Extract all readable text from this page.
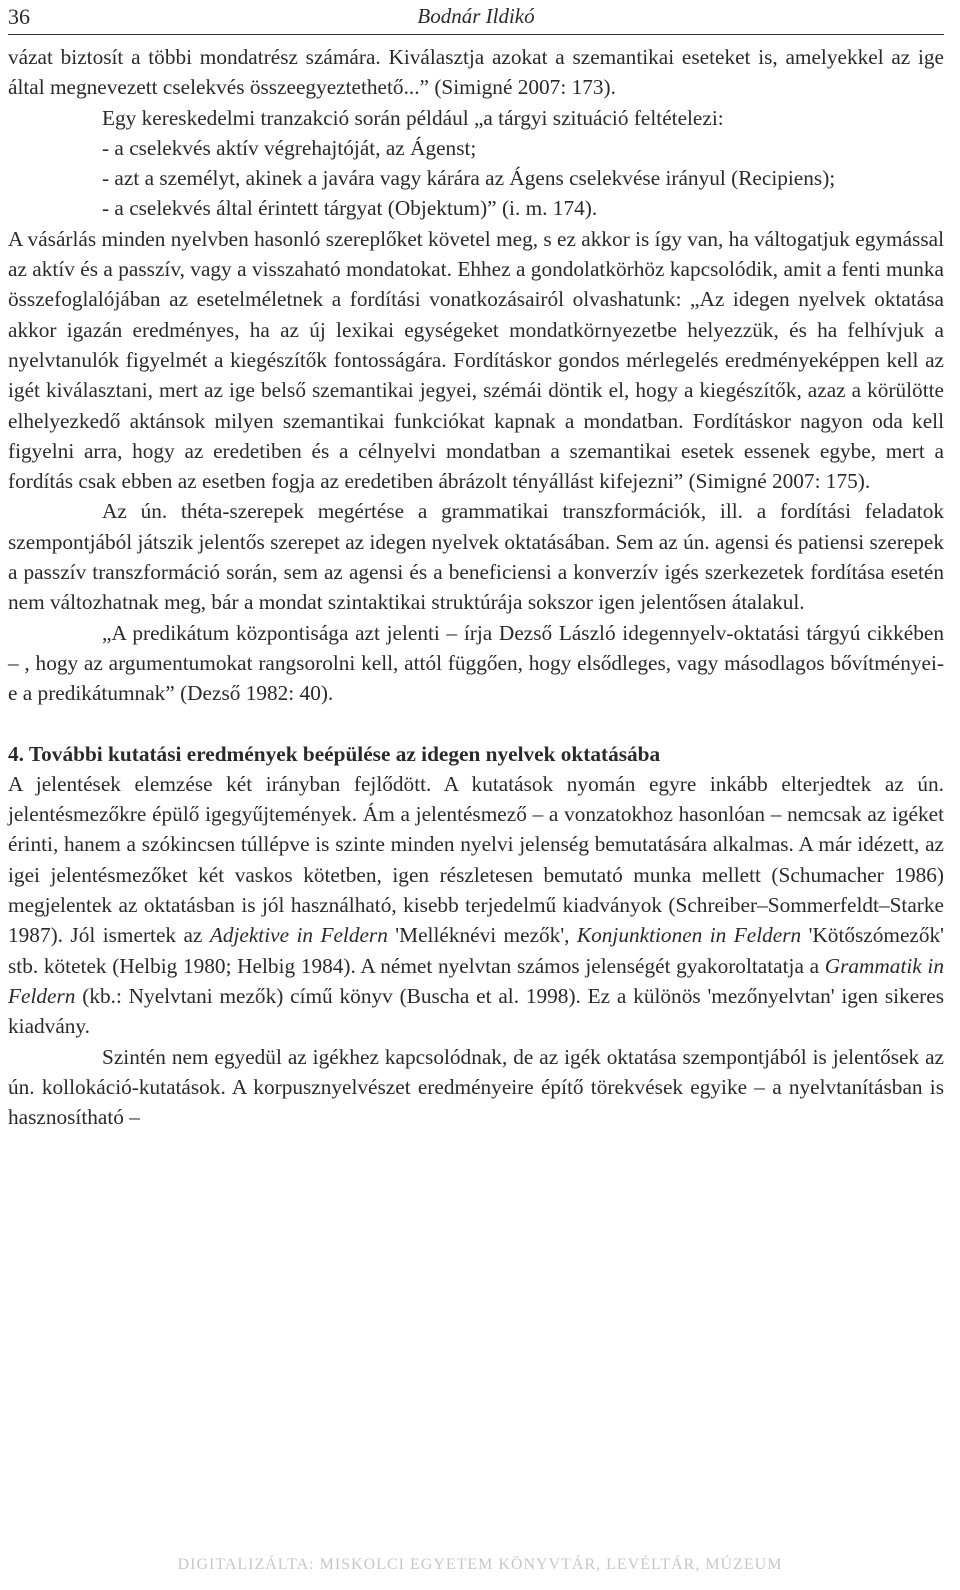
36	Bodnár Ildikó

vázat biztosít a többi mondatrész számára. Kiválasztja azokat a szemantikai eseteket is, amelyekkel az ige által megnevezett cselekvés összeegyeztethető...” (Simigné 2007: 173).

Egy kereskedelmi tranzakció során például „a tárgyi szituáció feltételezi:

- a cselekvés aktív végrehajtóját, az Ágenst;

- azt a személyt, akinek a javára vagy kárára az Ágens cselekvése irányul (Recipiens);

- a cselekvés által érintett tárgyat (Objektum)” (i. m. 174).

A vásárlás minden nyelvben hasonló szereplőket követel meg, s ez akkor is így van, ha váltogatjuk egymással az aktív és a passzív, vagy a visszaható mondatokat. Ehhez a gondolatkörhöz kapcsolódik, amit a fenti munka összefoglalójában az esetelméletnek a fordítási vonatkozásairól olvashatunk: „Az idegen nyelvek oktatása akkor igazán eredményes, ha az új lexikai egységeket mondatkörnyezetbe helyezzük, és ha felhívjuk a nyelvtanulók figyelmét a kiegészítők fontosságára. Fordításkor gondos mérlegelés eredményeképpen kell az igét kiválasztani, mert az ige belső szemantikai jegyei, szémái döntik el, hogy a kiegészítők, azaz a körülötte elhelyezkedő aktánsok milyen szemantikai funkciókat kapnak a mondatban. Fordításkor nagyon oda kell figyelni arra, hogy az eredetiben és a célnyelvi mondatban a szemantikai esetek essenek egybe, mert a fordítás csak ebben az esetben fogja az eredetiben ábrázolt tényállást kifejezni” (Simigné 2007: 175).

Az ún. théta-szerepek megértése a grammatikai transzformációk, ill. a fordítási feladatok szempontjából játszik jelentős szerepet az idegen nyelvek oktatásában. Sem az ún. agensi és patiensi szerepek a passzív transzformáció során, sem az agensi és a beneficiensi a konverzív igés szerkezetek fordítása esetén nem változhatnak meg, bár a mondat szintaktikai struktúrája sokszor igen jelentősen átalakul.

„A predikátum központisága azt jelenti – írja Dezső László idegennyelv-oktatási tárgyú cikkében – , hogy az argumentumokat rangsorolni kell, attól függően, hogy elsődleges, vagy másodlagos bővítményei-e a predikátumnak” (Dezső 1982: 40).

4. További kutatási eredmények beépülése az idegen nyelvek oktatásába

A jelentések elemzése két irányban fejlődött. A kutatások nyomán egyre inkább elterjedtek az ún. jelentésmezőkre épülő igegyűjtemények. Ám a jelentésmező – a vonzatokhoz hasonlóan – nemcsak az igéket érinti, hanem a szókincsen túllépve is szinte minden nyelvi jelenség bemutatására alkalmas. A már idézett, az igei jelentésmezőket két vaskos kötetben, igen részletesen bemutató munka mellett (Schumacher 1986) megjelentek az oktatásban is jól használható, kisebb terjedelmű kiadványok (Schreiber–Sommerfeldt–Starke 1987). Jól ismertek az Adjektive in Feldern 'Melléknévi mezők', Konjunktionen in Feldern 'Kötőszómezők' stb. kötetek (Helbig 1980; Helbig 1984). A német nyelvtan számos jelenségét gyakoroltatatja a Grammatik in Feldern (kb.: Nyelvtani mezők) című könyv (Buscha et al. 1998). Ez a különös 'mezőnyelvtan' igen sikeres kiadvány.

Szintén nem egyedül az igékhez kapcsolódnak, de az igék oktatása szempontjából is jelentősek az ún. kollokáció-kutatások. A korpusznyelvészet eredményeire építő törekvések egyike – a nyelvtanításban is hasznosítható –

DIGITALIZÁLTA: MISKOLCI EGYETEM KÖNYVTÁR, LEVÉLTÁR, MÚZEUM
